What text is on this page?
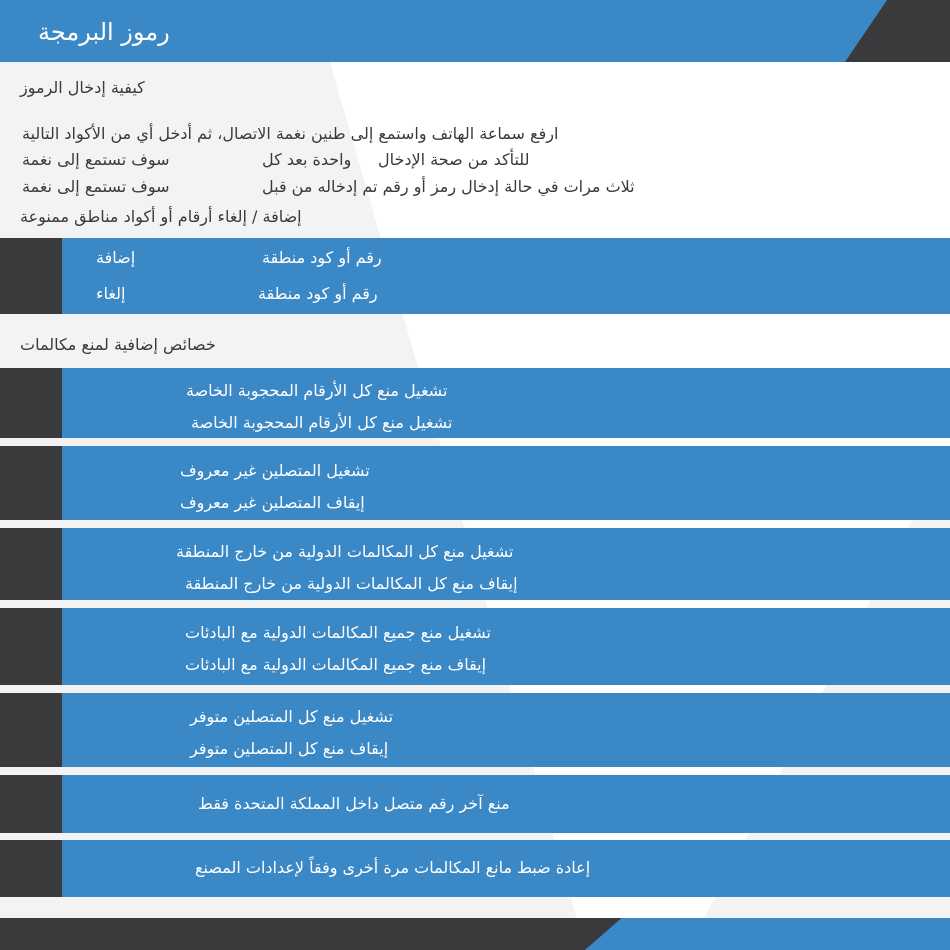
رموز البرمجة
كيفية إدخال الرموز
ارفع سماعة الهاتف واستمع إلى طنين نغمة الاتصال، ثم أدخل أي من الأكواد التالية
سوف تستمع إلى نغمة	واحدة بعد كل للتأكد من صحة الإدخال
سوف تستمع إلى نغمة	ثلاث مرات في حالة إدخال رمز أو رقم تم إدخاله من قبل
إضافة / إلغاء أرقام أو أكواد مناطق ممنوعة
إضافة	رقم أو كود منطقة
إلغاء	رقم أو كود منطقة
خصائص إضافية لمنع مكالمات
تشغيل منع كل الأرقام المحجوبة الخاصة
تشغيل منع كل الأرقام المحجوبة الخاصة
تشغيل المتصلين غير معروف
إيقاف المتصلين غير معروف
تشغيل منع كل المكالمات الدولية من خارج المنطقة
إيقاف منع كل المكالمات الدولية من خارج المنطقة
تشغيل منع جميع المكالمات الدولية مع البادئات
إيقاف منع جميع المكالمات الدولية مع البادئات
تشغيل منع كل المتصلين متوفر
إيقاف منع كل المتصلين متوفر
منع آخر رقم متصل داخل المملكة المتحدة فقط
إعادة ضبط مانع المكالمات مرة أخرى وفقاً لإعدادات المصنع
